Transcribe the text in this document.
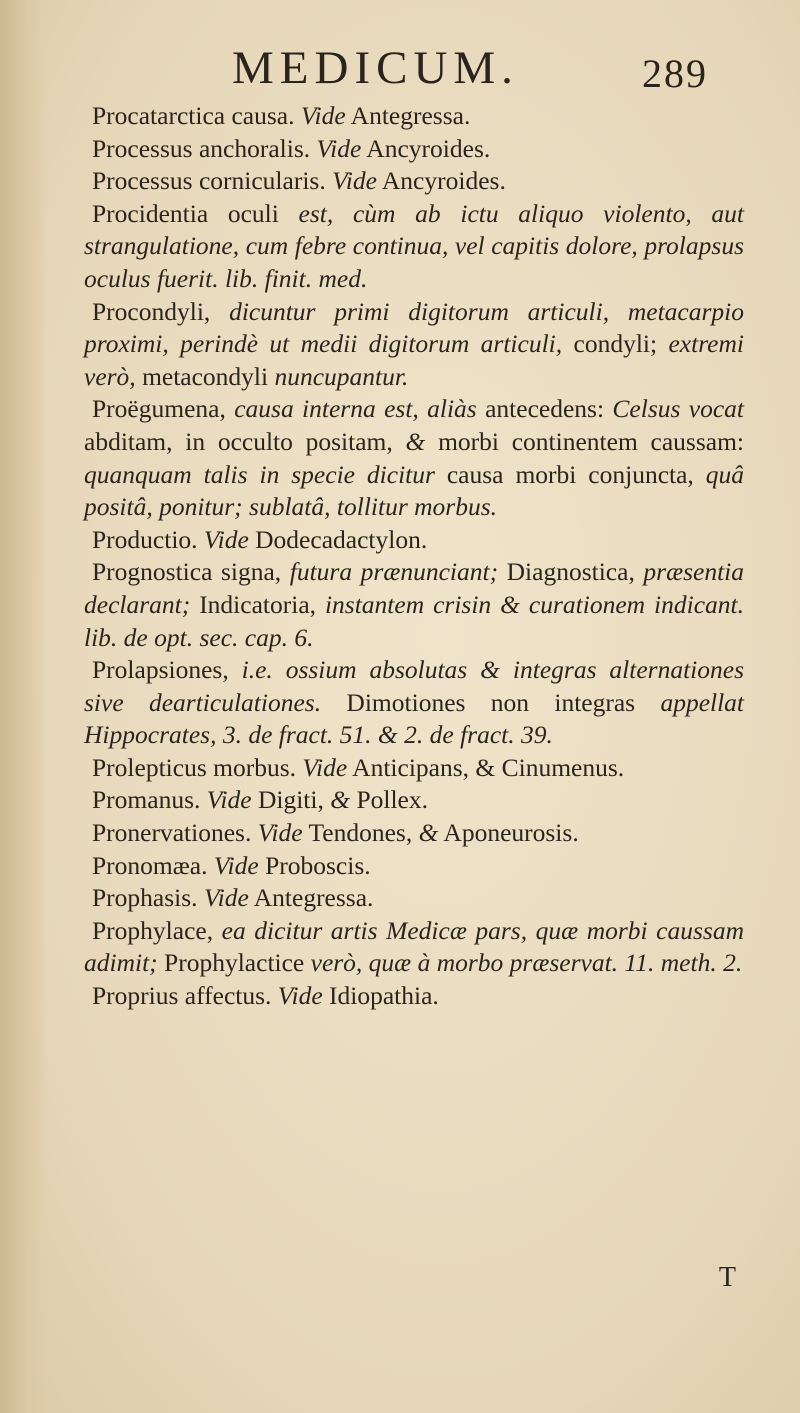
MEDICUM.	289

Procatarctica causa. Vide Antegressa.

Processus anchoralis. Vide Ancyroides.

Processus cornicularis. Vide Ancyroides.

Procidentia oculi est, cùm ab ictu aliquo violento, aut strangulatione, cum febre continua, vel capitis dolore, prolapsus oculus fuerit. lib. finit. med.

Procondyli, dicuntur primi digitorum articuli, metacarpio proximi, perindè ut medii digitorum articuli, condyli; extremi verò, metacondyli nuncupantur.

Proëgumena, causa interna est, aliàs antecedens: Celsus vocat abditam, in occulto positam, & morbi continentem caussam: quanquam talis in specie dicitur causa morbi conjuncta, quâ positâ, ponitur; sublatâ, tollitur morbus.

Productio. Vide Dodecadactylon.

Prognostica signa, futura prænunciant; Diagnostica, præsentia declarant; Indicatoria, instantem crisin & curationem indicant. lib. de opt. sec. cap. 6.

Prolapsiones, i.e. ossium absolutas & integras alternationes sive dearticulationes. Dimotiones non integras appellat Hippocrates, 3. de fract. 51. & 2. de fract. 39.

Prolepticus morbus. Vide Anticipans, & Cinumenus.

Promanus. Vide Digiti, & Pollex.

Pronervationes. Vide Tendones, & Aponeurosis.

Pronomæa. Vide Proboscis.

Prophasis. Vide Antegressa.

Prophylace, ea dicitur artis Medicæ pars, quæ morbi caussam adimit; Prophylactice verò, quæ à morbo præservat. 11. meth. 2.

Proprius affectus. Vide Idiopathia.

T
